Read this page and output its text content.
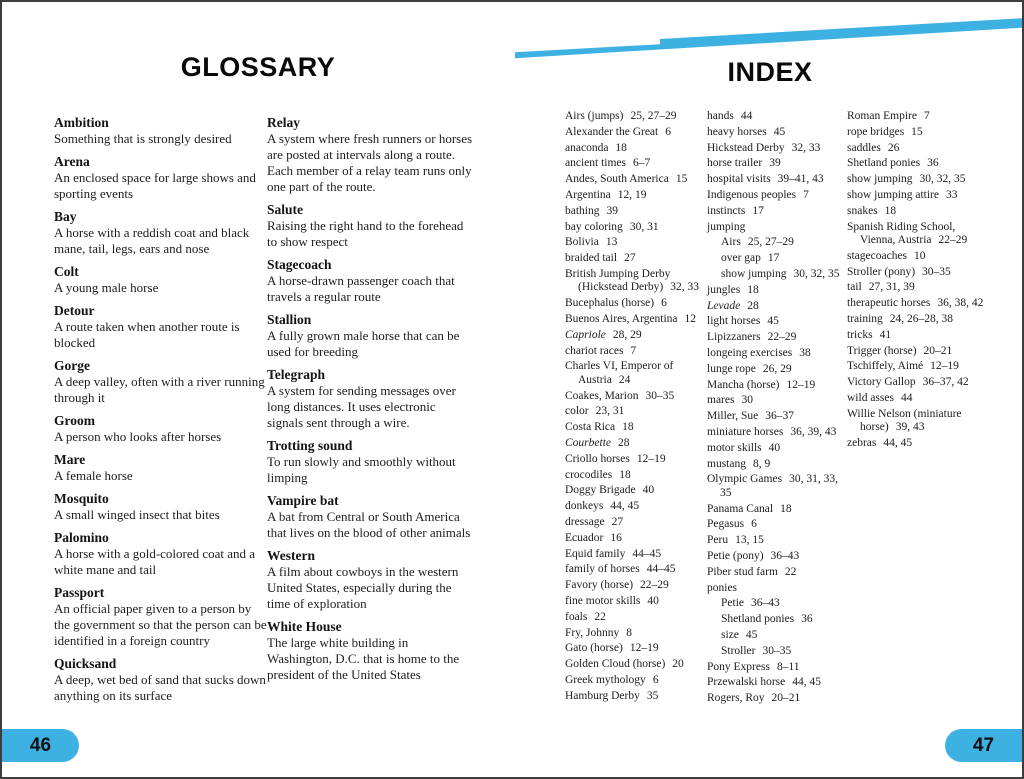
GLOSSARY	INDEX
Ambition
Something that is strongly desired
Arena
An enclosed space for large shows and sporting events
Bay
A horse with a reddish coat and black mane, tail, legs, ears and nose
Colt
A young male horse
Detour
A route taken when another route is blocked
Gorge
A deep valley, often with a river running through it
Groom
A person who looks after horses
Mare
A female horse
Mosquito
A small winged insect that bites
Palomino
A horse with a gold-colored coat and a white mane and tail
Passport
An official paper given to a person by the government so that the person can be identified in a foreign country
Quicksand
A deep, wet bed of sand that sucks down anything on its surface
Relay
A system where fresh runners or horses are posted at intervals along a route. Each member of a relay team runs only one part of the route.
Salute
Raising the right hand to the forehead to show respect
Stagecoach
A horse-drawn passenger coach that travels a regular route
Stallion
A fully grown male horse that can be used for breeding
Telegraph
A system for sending messages over long distances. It uses electronic signals sent through a wire.
Trotting sound
To run slowly and smoothly without limping
Vampire bat
A bat from Central or South America that lives on the blood of other animals
Western
A film about cowboys in the western United States, especially during the time of exploration
White House
The large white building in Washington, D.C. that is home to the president of the United States
Airs (jumps) 25, 27–29
Alexander the Great 6
anaconda 18
ancient times 6–7
Andes, South America 15
Argentina 12, 19
bathing 39
bay coloring 30, 31
Bolivia 13
braided tail 27
British Jumping Derby (Hickstead Derby) 32, 33
Bucephalus (horse) 6
Buenos Aires, Argentina 12
Capriole 28, 29
chariot races 7
Charles VI, Emperor of Austria 24
Coakes, Marion 30–35
color 23, 31
Costa Rica 18
Courbette 28
Criollo horses 12–19
crocodiles 18
Doggy Brigade 40
donkeys 44, 45
dressage 27
Ecuador 16
Equid family 44–45
family of horses 44–45
Favory (horse) 22–29
fine motor skills 40
foals 22
Fry, Johnny 8
Gato (horse) 12–19
Golden Cloud (horse) 20
Greek mythology 6
Hamburg Derby 35
hands 44
heavy horses 45
Hickstead Derby 32, 33
horse trailer 39
hospital visits 39–41, 43
Indigenous peoples 7
instincts 17
jumping
Airs 25, 27–29
over gap 17
show jumping 30, 32, 35
jungles 18
Levade 28
light horses 45
Lipizzaners 22–29
longeing exercises 38
lunge rope 26, 29
Mancha (horse) 12–19
mares 30
Miller, Sue 36–37
miniature horses 36, 39, 43
motor skills 40
mustang 8, 9
Olympic Games 30, 31, 33, 35
Panama Canal 18
Pegasus 6
Peru 13, 15
Petie (pony) 36–43
Piber stud farm 22
ponies
Petie 36–43
Shetland ponies 36
size 45
Stroller 30–35
Pony Express 8–11
Przewalski horse 44, 45
Rogers, Roy 20–21
Roman Empire 7
rope bridges 15
saddles 26
Shetland ponies 36
show jumping 30, 32, 35
show jumping attire 33
snakes 18
Spanish Riding School, Vienna, Austria 22–29
stagecoaches 10
Stroller (pony) 30–35
tail 27, 31, 39
therapeutic horses 36, 38, 42
training 24, 26–28, 38
tricks 41
Trigger (horse) 20–21
Tschiffely, Aimé 12–19
Victory Gallop 36–37, 42
wild asses 44
Willie Nelson (miniature horse) 39, 43
zebras 44, 45
46	47
